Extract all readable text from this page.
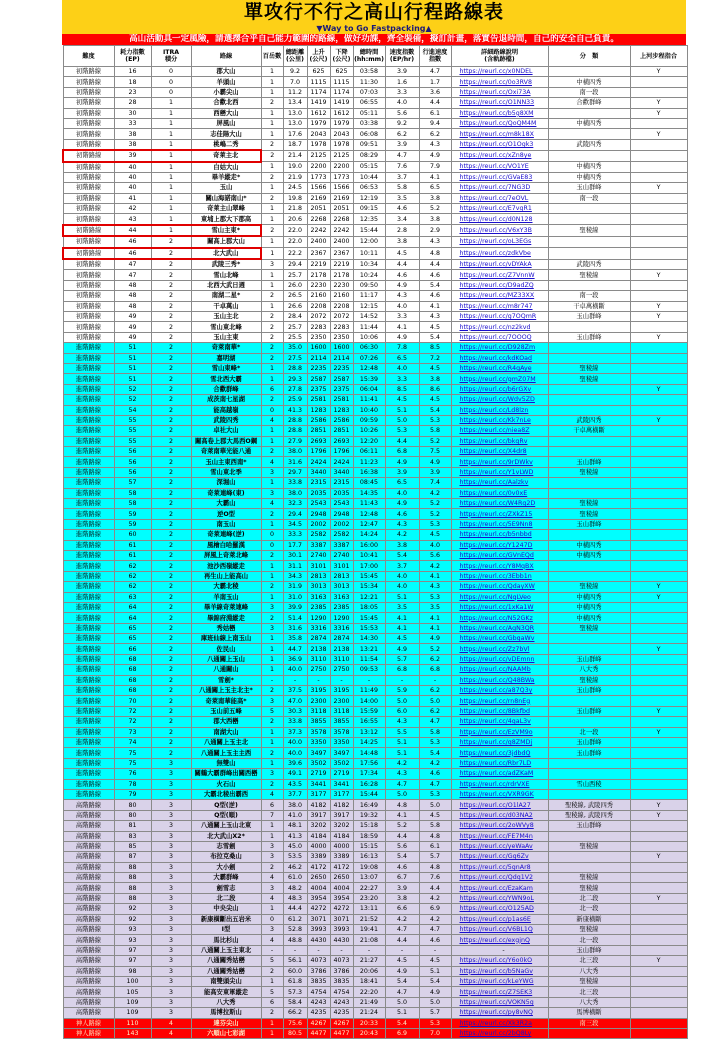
單攻行不行之高山行程路線表
▼Way to Go Fastpacking▲
高山活動具一定風險，請選擇合乎自己能力範圍的路線，做好功課，齊全裝備，擬訂計畫，落實告退時間，自己的安全自己負責。
難度	耗力指數
(EP)	ITRA
積分	路線	百岳數	總距離
(公里)	上升
(公尺)	下降
(公尺)	總時間
(hh:mm)	速度指數
(EP/hr)	行進速度
指數	詳細路線說明
(含軌跡檔)	分　類	上河步程指合
初階路線	16	0	郡大山	1	9.2	625	625	03:58	3.9	4.7	https://reurl.cc/x0NDEL		Y
初階路線	18	0	羊頭山	1	7.0	1115	1115	11:30	1.6	1.7	https://reurl.cc/0o3RV8	中橫四秀	
初階路線	23	0	小霸尖山	1	11.2	1174	1174	07:03	3.3	3.6	https://reurl.cc/Oxi73A	南一段	
初階路線	28	1	合歡北西	2	13.4	1419	1419	06:55	4.0	4.4	https://reurl.cc/O1NN33	合歡群峰	Y
初階路線	30	1	西巒大山	1	13.0	1612	1612	05:11	5.6	6.1	https://reurl.cc/b5g8XM		Y
初階路線	33	1	屏風山	1	13.0	1979	1979	03:38	9.2	9.4	https://reurl.cc/QoQM4M	中橫四秀	
初階路線	38	1	志佳陽大山	1	17.6	2043	2043	06:08	6.2	6.2	https://reurl.cc/m8k18X		Y
初階路線	38	1	桃嶋二秀	2	18.7	1978	1978	09:51	3.9	4.3	https://reurl.cc/O1Ogk3	武陵四秀	
初階路線	39	1	奇萊主北	2	21.4	2125	2125	08:29	4.7	4.9	https://reurl.cc/xZn8ye		
初階路線	40	1	白姑大山	1	19.0	2200	2200	05:15	7.6	7.9	https://reurl.cc/VO1YE	中橫四秀	
初階路線	40	1	畢羊縱走*	2	21.9	1773	1773	10:44	3.7	4.1	https://reurl.cc/GVaE83	中橫四秀	
初階路線	40	1	玉山	1	24.5	1566	1566	06:53	5.8	6.5	https://reurl.cc/7NG3D	玉山群峰	Y
初階路線	41	1	關山海諾南山*	2	19.8	2169	2169	12:19	3.5	3.8	https://reurl.cc/7eOVL	南一段	
初階路線	42	1	奇萊主山翠峰	1	21.8	2051	2051	09:15	4.6	5.2	https://reurl.cc/E7vgR1		
初階路線	43	1	東埔上郡大下郡高	1	20.6	2268	2268	12:35	3.4	3.8	https://reurl.cc/d0N128		
初階路線	44	1	雪山主東*	2	22.0	2242	2242	15:44	2.8	2.9	https://reurl.cc/V6xY3B	聖稜線	
初階路線	46	2	關高上郡大山	1	22.0	2400	2400	12:00	3.8	4.3	https://reurl.cc/oL3EGs		
初階路線	46	2	北大武山	1	22.2	2367	2367	10:11	4.5	4.8	https://reurl.cc/zdkVbe		
初階路線	47	2	武陵三秀*	3	29.4	2219	2219	10:34	4.4	4.4	https://reurl.cc/vDYAkA	武陵四秀	
初階路線	47	2	雪山北峰	1	25.7	2178	2178	10:24	4.6	4.6	https://reurl.cc/Z7VnnW	聖稜線	Y
初階路線	48	2	北西大武日週	1	26.0	2230	2230	09:50	4.9	5.4	https://reurl.cc/D9adZQ		
初階路線	48	2	南湖二星*	2	26.5	2160	2160	11:17	4.3	4.6	https://reurl.cc/MZ33XX	南一段	
初階路線	48	2	干卓萬山	1	26.6	2208	2208	12:15	4.0	4.1	https://reurl.cc/m8r747	干卓萬橫斷	Y
初階路線	49	2	玉山主北	2	28.4	2072	2072	14:52	3.3	4.3	https://reurl.cc/g7OQmR	玉山群峰	Y
初階路線	49	2	雪山東北峰	2	25.7	2283	2283	11:44	4.1	4.5	https://reurl.cc/nz2kvd		
初階路線	49	2	玉山主東	2	25.5	2350	2350	10:06	4.9	5.4	https://reurl.cc/7OOOQ	玉山群峰	Y
進階路線	51	2	奇萊南華*	2	35.0	1600	1600	06:30	7.8	8.5	https://reurl.cc/D928Zm		
進階路線	51	2	嘉明湖	2	27.5	2114	2114	07:26	6.5	7.2	https://reurl.cc/kdKOad		
進階路線	51	2	雪山東峰*	1	28.8	2235	2235	12:48	4.0	4.5	https://reurl.cc/R4gAye	聖稜線	
進階路線	51	2	雪北西大霸	1	29.3	2587	2587	15:39	3.3	3.8	https://reurl.cc/gmZ07M	聖稜線	
進階路線	52	2	合歡群峰	6	27.8	2375	2375	06:04	8.5	8.6	https://reurl.cc/b6rGXv		Y
進階路線	52	2	成茨南七星湖	2	25.9	2581	2581	11:41	4.5	4.5	https://reurl.cc/Wdv5ZD		
進階路線	54	2	能高越嶺	0	41.3	1283	1283	10:40	5.1	5.4	https://reurl.cc/Ld8lzn		
進階路線	55	2	武陵四秀	4	28.8	2586	2586	09:59	5.0	5.3	https://reurl.cc/Kk7nLe	武陵四秀	Y
進階路線	55	2	卓社大山	1	28.8	2851	2851	10:26	5.3	5.8	https://reurl.cc/niea8Z	干卓萬橫斷	
進階路線	55	2	關高卷上郡大馬西O鋼	1	27.9	2693	2693	12:20	4.4	5.2	https://reurl.cc/bkqRv		
進階路線	56	2	奇萊南華光能八通	2	38.0	1796	1796	06:11	6.8	7.5	https://reurl.cc/X4dr8		
進階路線	56	2	玉山主東西南*	4	31.6	2424	2424	11:23	4.9	4.9	https://reurl.cc/9rDWkv	玉山群峰	
進階路線	56	2	雪山東北季	3	29.7	3440	3440	16:38	3.9	3.9	https://reurl.cc/Y1vLWD	聖稜線	
進階路線	57	2	深堀山	1	33.8	2315	2315	08:45	6.5	7.4	https://reurl.cc/Aalzkv		
進階路線	58	2	奇萊連峰(東)	3	38.0	2035	2035	14:35	4.0	4.2	https://reurl.cc/0v0xE		
進階路線	58	2	大霸山	4	32.3	2543	2543	11:43	4.9	5.2	https://reurl.cc/W4Rg2D	聖稜線	
進階路線	59	2	逆O型	2	29.4	2948	2948	12:48	4.6	5.2	https://reurl.cc/ZXkZ15	聖稜線	
進階路線	59	2	南玉山	1	34.5	2002	2002	12:47	4.3	5.3	https://reurl.cc/5E9Nn8	玉山群峰	
進階路線	60	2	奇萊連峰(逆)	0	33.3	2582	2582	14:24	4.2	4.5	https://reurl.cc/b5nbbd		
進階路線	61	2	風檜白哈羅漢	0	17.7	3387	3387	16:00	3.8	4.0	https://reurl.cc/Y1247D	中橫四秀	
進階路線	61	2	屏風上奇萊北峰	2	30.1	2740	2740	10:41	5.4	5.6	https://reurl.cc/GVnEQd	中橫四秀	
進階路線	62	2	池沙西嶺縱走	1	31.1	3101	3101	17:00	3.7	4.2	https://reurl.cc/Y8MqBX		
進階路線	62	2	再生山上能高山	1	34.3	2813	2813	15:45	4.0	4.1	https://reurl.cc/3Ebb1n		
進階路線	62	2	大霸北稜	2	31.9	3013	3013	15:34	4.0	4.3	https://reurl.cc/QdayXW	聖稜線	Y
進階路線	63	2	羊南玉山	1	31.0	3163	3163	12:21	5.1	5.3	https://reurl.cc/NqLVeo	中橫四秀	Y
進階路線	64	2	畢羊線奇萊連峰	3	39.9	2385	2385	18:05	3.5	3.5	https://reurl.cc/1xKa1W	中橫四秀	
進階路線	64	2	畢錦府淵縱走	2	51.4	1290	1290	15:45	4.1	4.1	https://reurl.cc/N52GKz	中橫四秀	
進階路線	65	2	秀姑巒	3	31.6	3316	3316	15:53	4.1	4.1	https://reurl.cc/AgN3QR	聖稜線	
進階路線	65	2	庫班仙線上南玉山	1	35.8	2874	2874	14:30	4.5	4.9	https://reurl.cc/GbqaWv		
進階路線	66	2	佐民山	1	44.7	2138	2138	13:21	4.9	5.2	https://reurl.cc/Zz7bVl		Y
進階路線	68	2	八通關上玉山	1	36.9	3110	3110	11:54	5.7	6.2	https://reurl.cc/vDEmnn	玉山群峰	
進階路線	68	2	八通關山	1	40.0	2750	2750	09:53	6.8	6.8	https://reurl.cc/NAAMb	八大秀	
進階路線	68	2	雪劍*	-	-	-	-	-	-	-	https://reurl.cc/Q48BWa	聖稜線	
進階路線	68	2	八通關上玉主北主*	2	37.5	3195	3195	11:49	5.9	6.2	https://reurl.cc/a87Q3y	玉山群峰	
進階路線	70	2	奇萊南華能高*	3	47.0	2300	2300	14:00	5.0	5.0	https://reurl.cc/rn8nEg		
進階路線	72	2	玉山前五峰	5	30.3	3118	3118	15:59	6.0	6.2	https://reurl.cc/8Bkfbd	玉山群峰	Y
進階路線	72	2	郡大西巒	2	33.8	3855	3855	16:55	4.3	4.7	https://reurl.cc/4qaL3v		
進階路線	73	2	南湖大山	1	37.3	3578	3578	13:12	5.5	5.8	https://reurl.cc/EzVM9o	北一段	Y
進階路線	74	2	八通關上玉主北	1	40.0	3350	3350	14:25	5.1	5.3	https://reurl.cc/q8ZMDj	玉山群峰	
進階路線	75	2	八通關上玉主主西	2	40.0	3497	3497	14:48	5.1	5.4	https://reurl.cc/3jdbdQ	玉山群峰	
進階路線	75	3	無雙山	1	39.6	3502	3502	17:56	4.2	4.2	https://reurl.cc/Rbr7LD		
進階路線	76	3	關鶴大霸群峰出關西巒	3	49.1	2719	2719	17:34	4.3	4.6	https://reurl.cc/adZKaM		
進階路線	78	3	火石山	2	43.5	3441	3441	16:28	4.7	4.7	https://reurl.cc/rdrVXE	雪山西稜	
進階路線	79	3	大霸北稜出霸西	4	37.7	3177	3177	15:44	5.0	5.3	https://reurl.cc/VXR9GK		
高階路線	80	3	Q型(逆)	6	38.0	4182	4182	16:49	4.8	5.0	https://reurl.cc/O1lA27	聖稜線, 武陵四秀	Y
高階路線	80	3	Q型(順)	7	41.0	3917	3917	19:32	4.1	4.5	https://reurl.cc/d03NA2	聖稜線, 武陵四秀	Y
高階路線	81	3	八通關上玉山北東	1	48.1	3202	3202	15:18	5.2	5.8	https://reurl.cc/2oWVy8	玉山群峰	
高階路線	83	3	北大武山X2*	1	41.3	4184	4184	18:59	4.4	4.8	https://reurl.cc/FE7M4n		
高階路線	85	3	志雪劍	3	45.0	4000	4000	15:15	5.6	6.1	https://reurl.cc/yeWaAv	聖稜線	
高階路線	87	3	布拉克桑山	3	53.5	3389	3389	16:13	5.4	5.7	https://reurl.cc/Gg6Zv		Y
高階路線	88	3	大小劍	2	46.2	4172	4172	19:08	4.6	4.8	https://reurl.cc/5gnAr8		
高階路線	88	3	大霸群峰	4	61.0	2650	2650	13:07	6.7	7.6	https://reurl.cc/Qdq1V2	聖稜線	
高階路線	88	3	劍雪志	3	48.2	4004	4004	22:27	3.9	4.4	https://reurl.cc/EzaKam	聖稜線	
高階路線	88	3	北二段	4	48.3	3954	3954	23:20	3.8	4.2	https://reurl.cc/YWN9oL	北二段	Y
高階路線	92	3	中央尖山	1	44.4	4272	4272	13:11	6.6	6.9	https://reurl.cc/O125AD	北一段	
高階路線	92	3	新康橫斷出五岩米	0	61.2	3071	3071	21:52	4.2	4.2	https://reurl.cc/p1as6E	新康橫斷	
高階路線	93	3	I型	3	52.8	3993	3993	19:41	4.7	4.7	https://reurl.cc/V6BL1Q	聖稜線	
高階路線	93	3	馬比杉山	4	48.8	4430	4430	21:08	4.4	4.6	https://reurl.cc/exgjnQ	北一段	
高階路線	97	3	八通關上玉主東北	-	-	-	-	-	-	-	-	玉山群峰	
高階路線	97	3	八通關秀姑巒	5	56.1	4073	4073	21:27	4.5	4.5	https://reurl.cc/Y6o0kO	北三段	Y
高階路線	98	3	八通關秀姑巒	2	60.0	3786	3786	20:06	4.9	5.1	https://reurl.cc/b5NaGv	八大秀	
高階路線	100	3	南雙頭尖山	1	61.8	3835	3835	18:41	5.4	5.4	https://reurl.cc/kLeYWG	聖稜線	
高階路線	105	3	能高安東軍縱走	5	57.3	4754	4754	22:20	4.7	4.9	https://reurl.cc/Z7SEK3	北三段	
高階路線	109	3	八大秀	6	58.4	4243	4243	21:49	5.0	5.0	https://reurl.cc/VOKN5g	八大秀	
高階路線	109	3	馬博拉斯山	2	66.2	4235	4235	21:24	5.1	5.7	https://reurl.cc/py8vNQ	馬博橫斷	
神人路線	110	4	達芬尖山	1	75.6	4267	4267	20:33	5.4	5.3	https://reurl.cc/Xk3R2a	南三段	
神人路線	143	4	六順山七彩湖	1	80.5	4477	4477	20:43	6.9	7.0	https://reurl.cc/2bQ8Ly		
